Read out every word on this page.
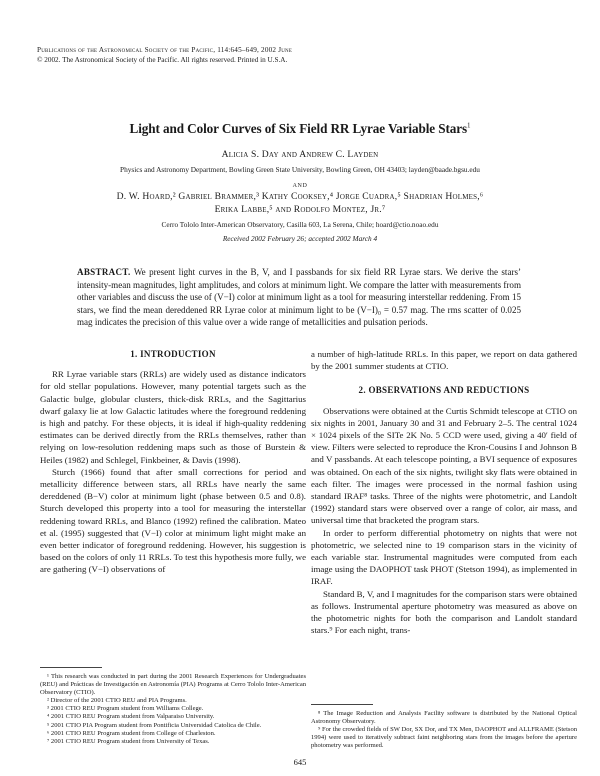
Publications of the Astronomical Society of the Pacific, 114:645–649, 2002 June
© 2002. The Astronomical Society of the Pacific. All rights reserved. Printed in U.S.A.
Light and Color Curves of Six Field RR Lyrae Variable Stars$^1$
Alicia S. Day and Andrew C. Layden
Physics and Astronomy Department, Bowling Green State University, Bowling Green, OH 43403; layden@baade.bgsu.edu
and
D. W. Hoard,² Gabriel Brammer,³ Kathy Cooksey,⁴ Jorge Cuadra,⁵ Shadrian Holmes,⁶
Erika Labbe,⁵ and Rodolfo Montez, Jr.⁷
Cerro Tololo Inter-American Observatory, Casilla 603, La Serena, Chile; hoard@ctio.noao.edu
Received 2002 February 26; accepted 2002 March 4
ABSTRACT. We present light curves in the B, V, and I passbands for six field RR Lyrae stars. We derive the stars’ intensity-mean magnitudes, light amplitudes, and colors at minimum light. We compare the latter with measurements from other variables and discuss the use of (V−I) color at minimum light as a tool for measuring interstellar reddening. From 15 stars, we find the mean dereddened RR Lyrae color at minimum light to be (V−I)₀ = 0.57 mag. The rms scatter of 0.025 mag indicates the precision of this value over a wide range of metallicities and pulsation periods.
1. INTRODUCTION

RR Lyrae variable stars (RRLs) are widely used as distance indicators for old stellar populations. However, many potential targets such as the Galactic bulge, globular clusters, thick-disk RRLs, and the Sagittarius dwarf galaxy lie at low Galactic latitudes where the foreground reddening is high and patchy. For these objects, it is ideal if high-quality reddening estimates can be derived directly from the RRLs themselves, rather than relying on low-resolution reddening maps such as those of Burstein & Heiles (1982) and Schlegel, Finkbeiner, & Davis (1998).

Sturch (1966) found that after small corrections for period and metallicity difference between stars, all RRLs have nearly the same dereddened (B−V) color at minimum light (phase between 0.5 and 0.8). Sturch developed this property into a tool for measuring the interstellar reddening toward RRLs, and Blanco (1992) refined the calibration. Mateo et al. (1995) suggested that (V−I) color at minimum light might make an even better indicator of foreground reddening. However, his suggestion is based on the colors of only 11 RRLs. To test this hypothesis more fully, we are gathering (V−I) observations of

a number of high-latitude RRLs. In this paper, we report on data gathered by the 2001 summer students at CTIO.

2. OBSERVATIONS AND REDUCTIONS

Observations were obtained at the Curtis Schmidt telescope at CTIO on six nights in 2001, January 30 and 31 and February 2–5. The central 1024 × 1024 pixels of the SITe 2K No. 5 CCD were used, giving a 40′ field of view. Filters were selected to reproduce the Kron-Cousins I and Johnson B and V passbands. At each telescope pointing, a BVI sequence of exposures was obtained. On each of the six nights, twilight sky flats were obtained in each filter. The images were processed in the normal fashion using standard IRAF⁸ tasks. Three of the nights were photometric, and Landolt (1992) standard stars were observed over a range of color, air mass, and universal time that bracketed the program stars.

In order to perform differential photometry on nights that were not photometric, we selected nine to 19 comparison stars in the vicinity of each variable star. Instrumental magnitudes were computed from each image using the DAOPHOT task PHOT (Stetson 1994), as implemented in IRAF.

Standard B, V, and I magnitudes for the comparison stars were obtained as follows. Instrumental aperture photometry was measured as above on the photometric nights for both the comparison and Landolt standard stars.⁹ For each night, trans-

¹ This research was conducted in part during the 2001 Research Experiences for Undergraduates (REU) and Prácticas de Investigación en Astronomía (PIA) Programs at Cerro Tololo Inter-American Observatory (CTIO).
² Director of the 2001 CTIO REU and PIA Programs.
³ 2001 CTIO REU Program student from Williams College.
⁴ 2001 CTIO REU Program student from Valparaiso University.
⁵ 2001 CTIO PIA Program student from Pontificia Universidad Catolica de Chile.
⁶ 2001 CTIO REU Program student from College of Charleston.
⁷ 2001 CTIO REU Program student from University of Texas.
⁸ The Image Reduction and Analysis Facility software is distributed by the National Optical Astronomy Observatory.
⁹ For the crowded fields of SW Dor, SX Dor, and TX Men, DAOPHOT and ALLFRAME (Stetson 1994) were used to iteratively subtract faint neighboring stars from the images before the aperture photometry was performed.
645
